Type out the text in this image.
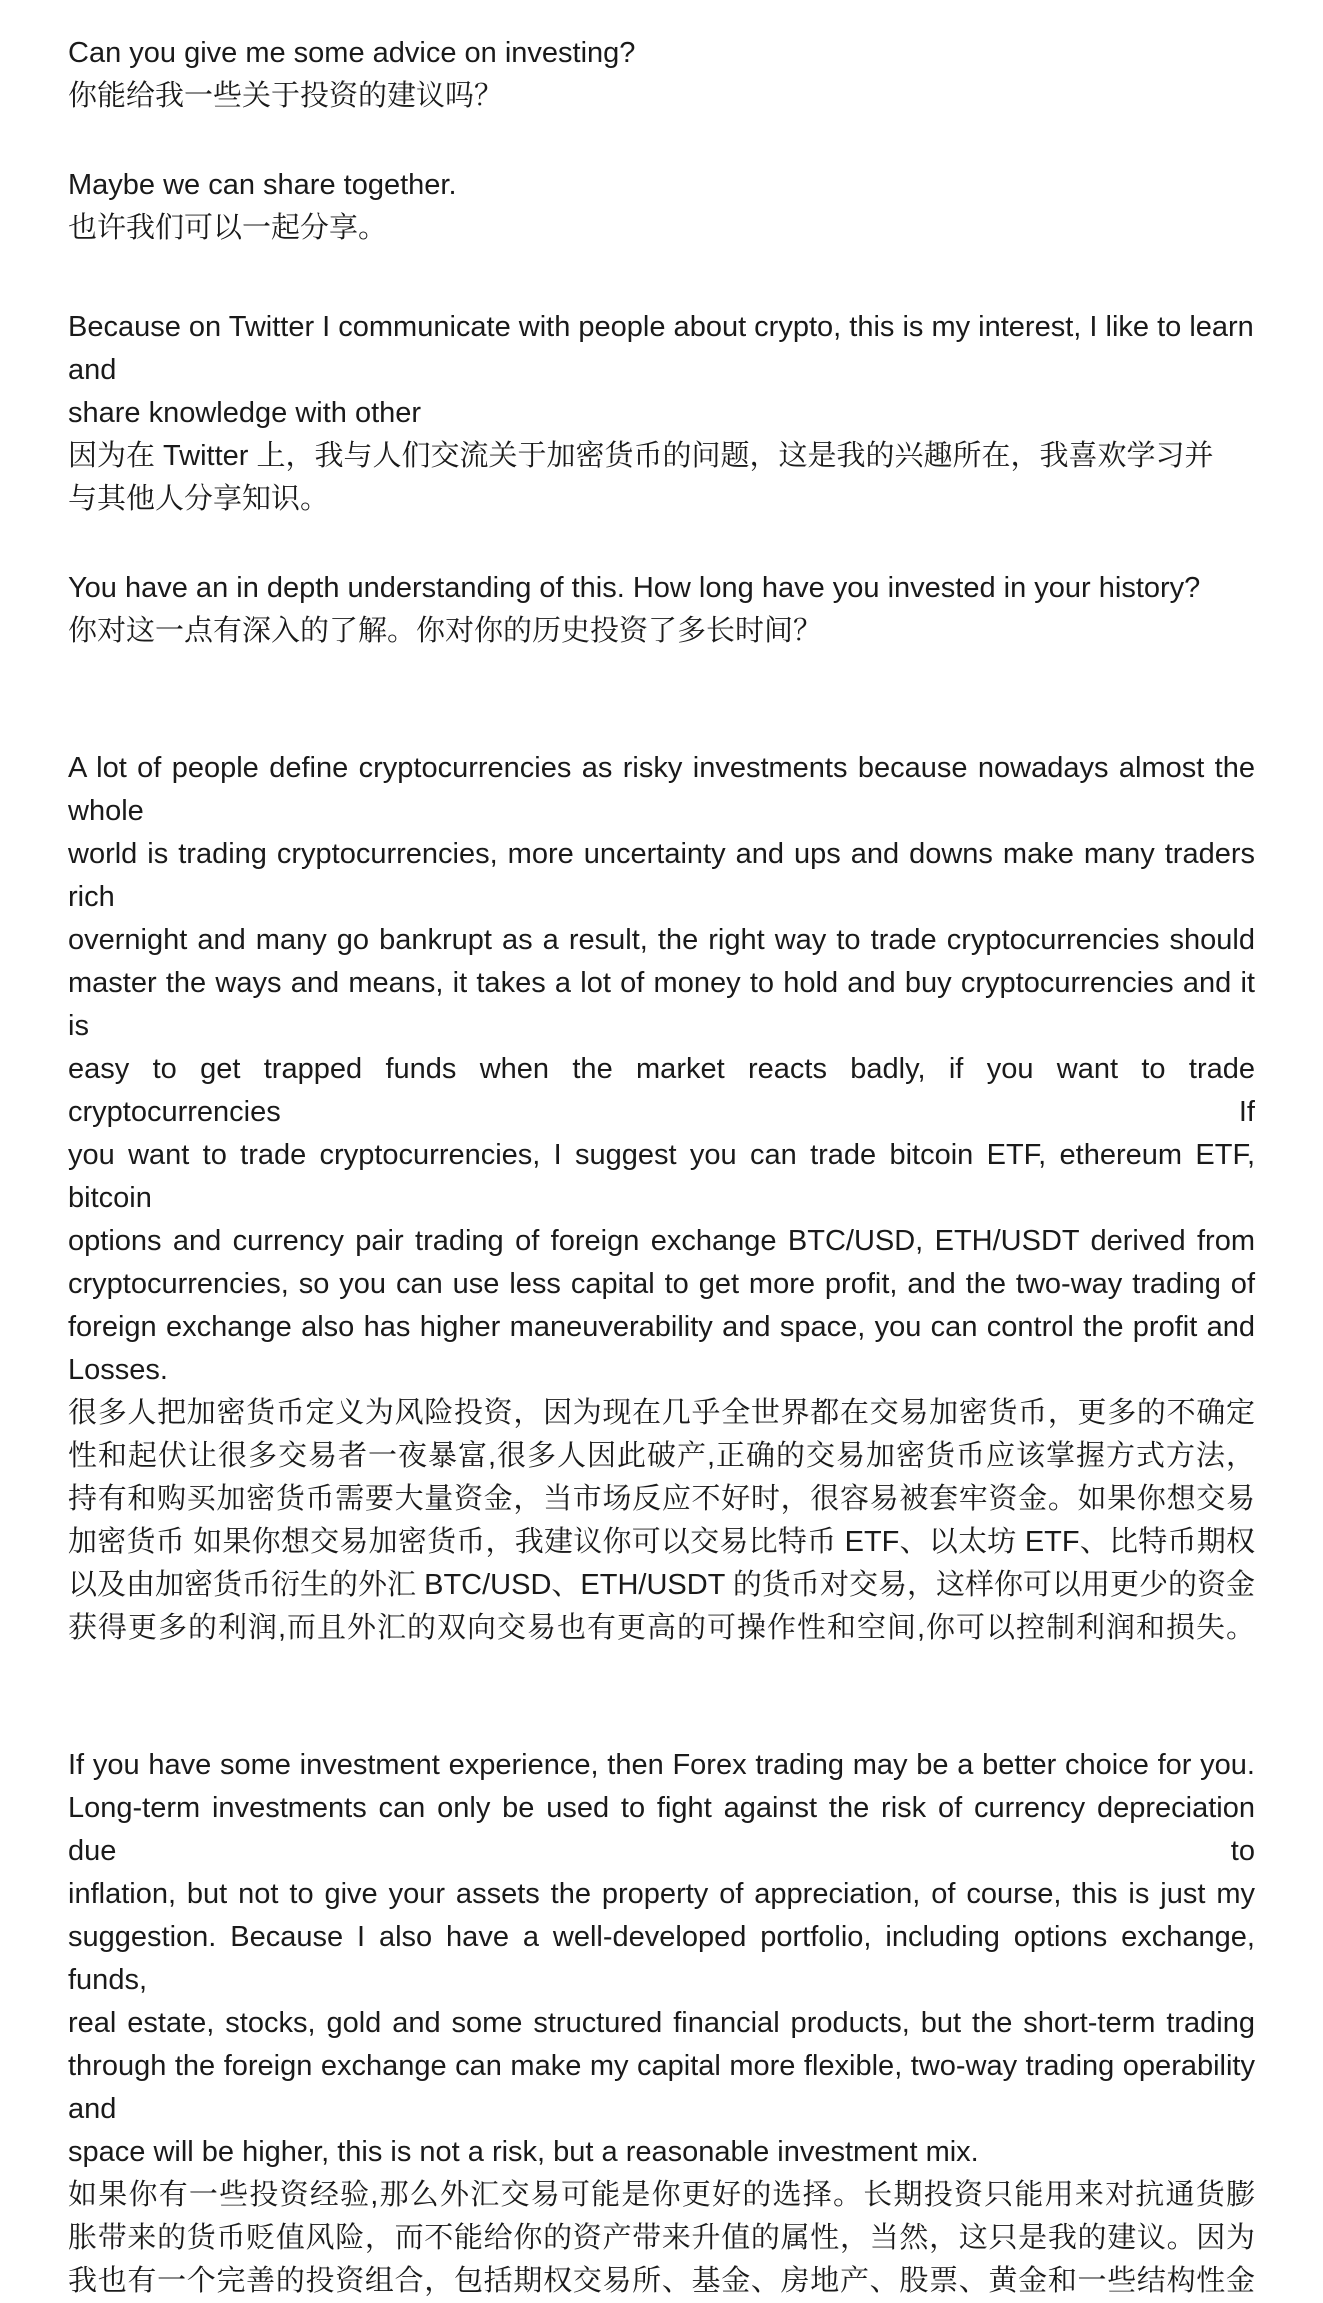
Can you give me some advice on investing?
你能给我一些关于投资的建议吗？
Maybe we can share together.
也许我们可以一起分享。
Because on Twitter I communicate with people about crypto, this is my interest, I like to learn and
share knowledge with other
因为在 Twitter 上，我与人们交流关于加密货币的问题，这是我的兴趣所在，我喜欢学习并
与其他人分享知识。
You have an in depth understanding of this. How long have you invested in your history?
你对这一点有深入的了解。你对你的历史投资了多长时间？
A lot of people define cryptocurrencies as risky investments because nowadays almost the whole
world is trading cryptocurrencies, more uncertainty and ups and downs make many traders rich
overnight and many go bankrupt as a result, the right way to trade cryptocurrencies should
master the ways and means, it takes a lot of money to hold and buy cryptocurrencies and it is
easy to get trapped funds when the market reacts badly, if you want to trade cryptocurrencies If
you want to trade cryptocurrencies, I suggest you can trade bitcoin ETF, ethereum ETF, bitcoin
options and currency pair trading of foreign exchange BTC/USD, ETH/USDT derived from
cryptocurrencies, so you can use less capital to get more profit, and the two-way trading of
foreign exchange also has higher maneuverability and space, you can control the profit and
Losses.
很多人把加密货币定义为风险投资，因为现在几乎全世界都在交易加密货币，更多的不确定
性和起伏让很多交易者一夜暴富,很多人因此破产,正确的交易加密货币应该掌握方式方法，
持有和购买加密货币需要大量资金，当市场反应不好时，很容易被套牢资金。如果你想交易
加密货币 如果你想交易加密货币，我建议你可以交易比特币 ETF、以太坊 ETF、比特币期权
以及由加密货币衍生的外汇 BTC/USD、ETH/USDT 的货币对交易，这样你可以用更少的资金
获得更多的利润,而且外汇的双向交易也有更高的可操作性和空间,你可以控制利润和损失。
If you have some investment experience, then Forex trading may be a better choice for you.
Long-term investments can only be used to fight against the risk of currency depreciation due to
inflation, but not to give your assets the property of appreciation, of course, this is just my
suggestion. Because I also have a well-developed portfolio, including options exchange, funds,
real estate, stocks, gold and some structured financial products, but the short-term trading
through the foreign exchange can make my capital more flexible, two-way trading operability and
space will be higher, this is not a risk, but a reasonable investment mix.
如果你有一些投资经验,那么外汇交易可能是你更好的选择。长期投资只能用来对抗通货膨
胀带来的货币贬值风险，而不能给你的资产带来升值的属性，当然，这只是我的建议。因为
我也有一个完善的投资组合，包括期权交易所、基金、房地产、股票、黄金和一些结构性金
